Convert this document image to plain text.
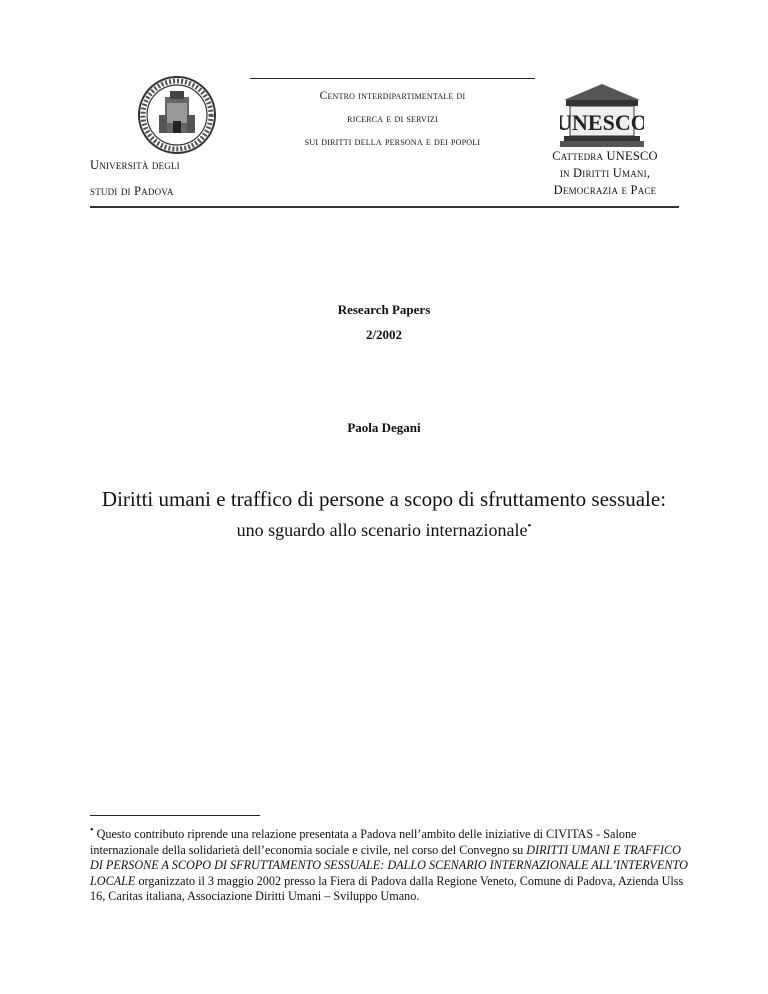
Università degli
studi di Padova
Centro interdipartimentale di
ricerca e di servizi
sui diritti della persona e dei popoli
UNESCO
Cattedra UNESCO
in Diritti Umani,
Democrazia e Pace
Research Papers
2/2002
Paola Degani
Diritti umani e traffico di persone a scopo di sfruttamento sessuale:
uno sguardo allo scenario internazionale•
• Questo contributo riprende una relazione presentata a Padova nell’ambito delle iniziative di CIVITAS - Salone internazionale della solidarietà dell’economia sociale e civile, nel corso del Convegno su DIRITTI UMANI E TRAFFICO DI PERSONE A SCOPO DI SFRUTTAMENTO SESSUALE: DALLO SCENARIO INTERNAZIONALE ALL’INTERVENTO LOCALE organizzato il 3 maggio 2002 presso la Fiera di Padova dalla Regione Veneto, Comune di Padova, Azienda Ulss 16, Caritas italiana, Associazione Diritti Umani – Sviluppo Umano.
